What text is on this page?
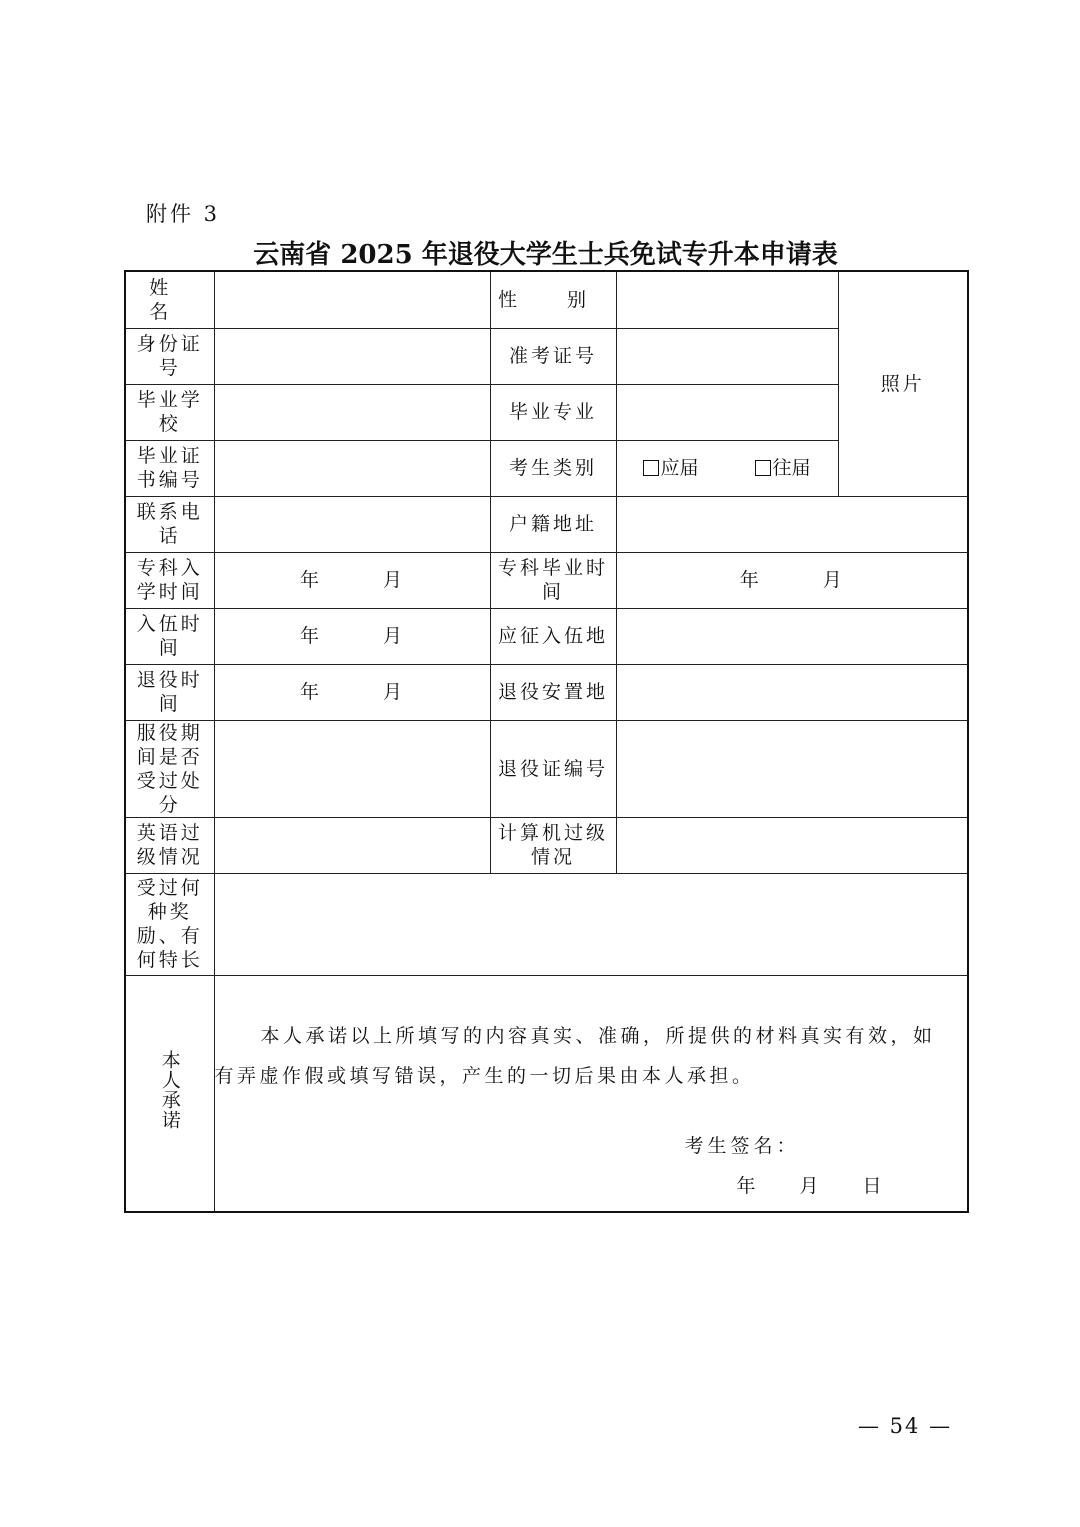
附件 3
云南省 2025 年退役大学生士兵免试专升本申请表
姓 名		性 别		照片
身份证号		准考证号		
毕业学校		毕业专业		
毕业证书编号		考生类别	应届 往届	
联系电话		户籍地址		
专科入学时间	年 月	专科毕业时间	年 月	
入伍时间	年 月	应征入伍地		
退役时间	年 月	退役安置地		
服役期间是否受过处分		退役证编号		
英语过级情况		计算机过级情况		
受过何种奖励、有何特长				
本人承诺	本人承诺以上所填写的内容真实、准确，所提供的材料真实有效，如

有弄虚作假或填写错误，产生的一切后果由本人承担。

考生签名：
年 月 日			
— 54 —
